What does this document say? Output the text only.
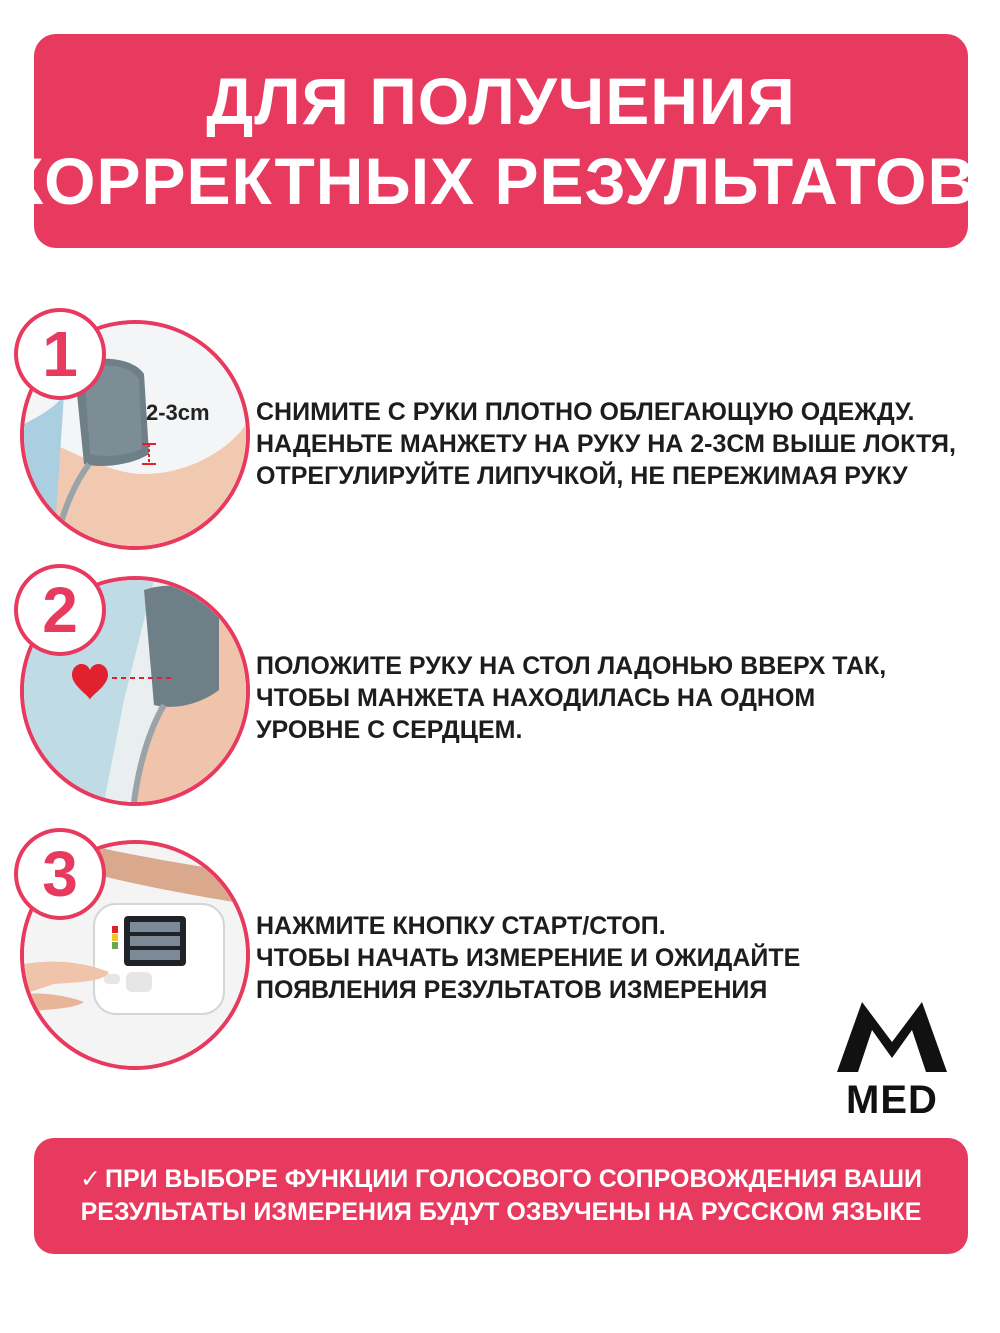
ДЛЯ ПОЛУЧЕНИЯ
КОРРЕКТНЫХ РЕЗУЛЬТАТОВ:
2-3cm
1
СНИМИТЕ С РУКИ ПЛОТНО ОБЛЕГАЮЩУЮ ОДЕЖДУ.
НАДЕНЬТЕ МАНЖЕТУ НА РУКУ НА 2-3СМ ВЫШЕ ЛОКТЯ,
ОТРЕГУЛИРУЙТЕ ЛИПУЧКОЙ, НЕ ПЕРЕЖИМАЯ РУКУ
2
ПОЛОЖИТЕ РУКУ НА СТОЛ ЛАДОНЬЮ ВВЕРХ ТАК,
ЧТОБЫ МАНЖЕТА НАХОДИЛАСЬ НА ОДНОМ
УРОВНЕ С СЕРДЦЕМ.
3
НАЖМИТЕ КНОПКУ СТАРТ/СТОП.
ЧТОБЫ НАЧАТЬ ИЗМЕРЕНИЕ И ОЖИДАЙТЕ
ПОЯВЛЕНИЯ РЕЗУЛЬТАТОВ ИЗМЕРЕНИЯ
MED
✓ ПРИ ВЫБОРЕ ФУНКЦИИ ГОЛОСОВОГО СОПРОВОЖДЕНИЯ ВАШИ
РЕЗУЛЬТАТЫ ИЗМЕРЕНИЯ БУДУТ ОЗВУЧЕНЫ НА РУССКОМ ЯЗЫКЕ
